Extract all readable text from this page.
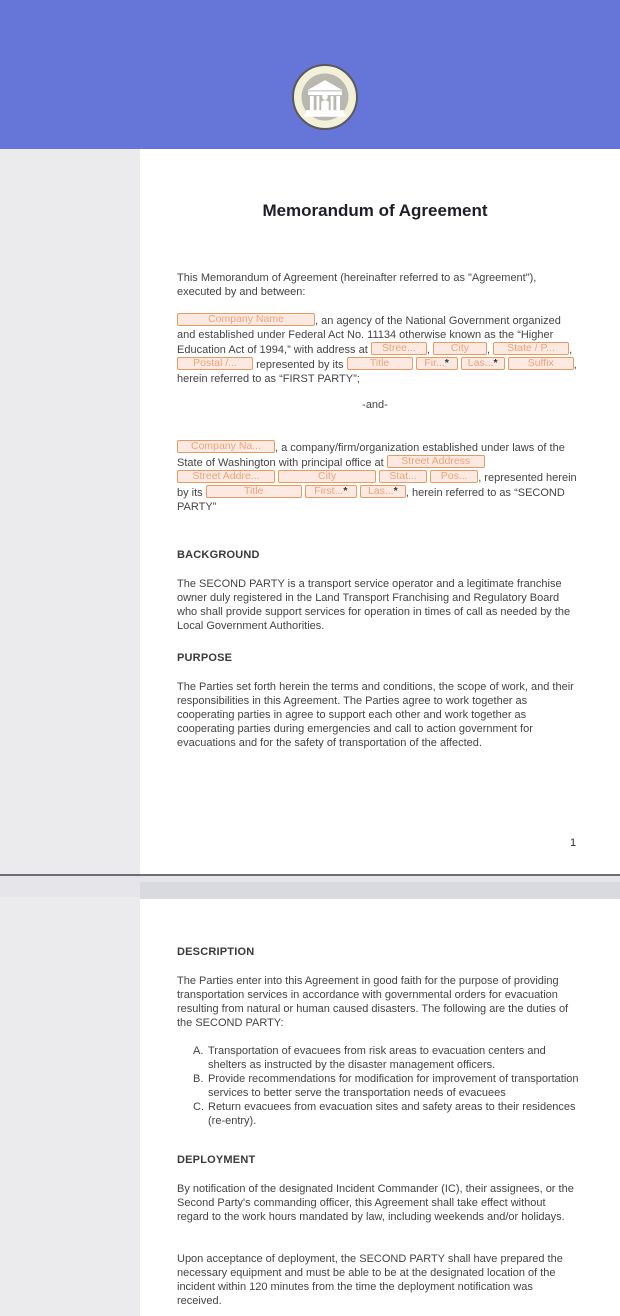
Memorandum of Agreement
This Memorandum of Agreement (hereinafter referred to as "Agreement"), executed by and between:
Company Name	, an agency of the National Government organized and established under Federal Act No. 11134 otherwise known as the “Higher Education Act of 1994,” with address at Stree... , City , State / P... , Postal /... represented by its	Title	Fir...* Las...*	Suffix , herein referred to as “FIRST PARTY”;
-and-
Company Na... , a company/firm/organization established under laws of the State of Washington with principal office at Street Address Street Addre...	City	Stat... Pos... , represented herein by its	Title	First...* Las...* , herein referred to as “SECOND PARTY”
BACKGROUND
The SECOND PARTY is a transport service operator and a legitimate franchise owner duly registered in the Land Transport Franchising and Regulatory Board who shall provide support services for operation in times of call as needed by the Local Government Authorities.
PURPOSE
The Parties set forth herein the terms and conditions, the scope of work, and their responsibilities in this Agreement. The Parties agree to work together as cooperating parties in agree to support each other and work together as cooperating parties during emergencies and call to action government for evacuations and for the safety of transportation of the affected.
1
DESCRIPTION
The Parties enter into this Agreement in good faith for the purpose of providing transportation services in accordance with governmental orders for evacuation resulting from natural or human caused disasters. The following are the duties of the SECOND PARTY:
A. Transportation of evacuees from risk areas to evacuation centers and shelters as instructed by the disaster management officers.
B. Provide recommendations for modification for improvement of transportation services to better serve the transportation needs of evacuees
C. Return evacuees from evacuation sites and safety areas to their residences (re-entry).
DEPLOYMENT
By notification of the designated Incident Commander (IC), their assignees, or the Second Party's commanding officer, this Agreement shall take effect without regard to the work hours mandated by law, including weekends and/or holidays.
Upon acceptance of deployment, the SECOND PARTY shall have prepared the necessary equipment and must be able to be at the designated location of the incident within 120 minutes from the time the deployment notification was received.
